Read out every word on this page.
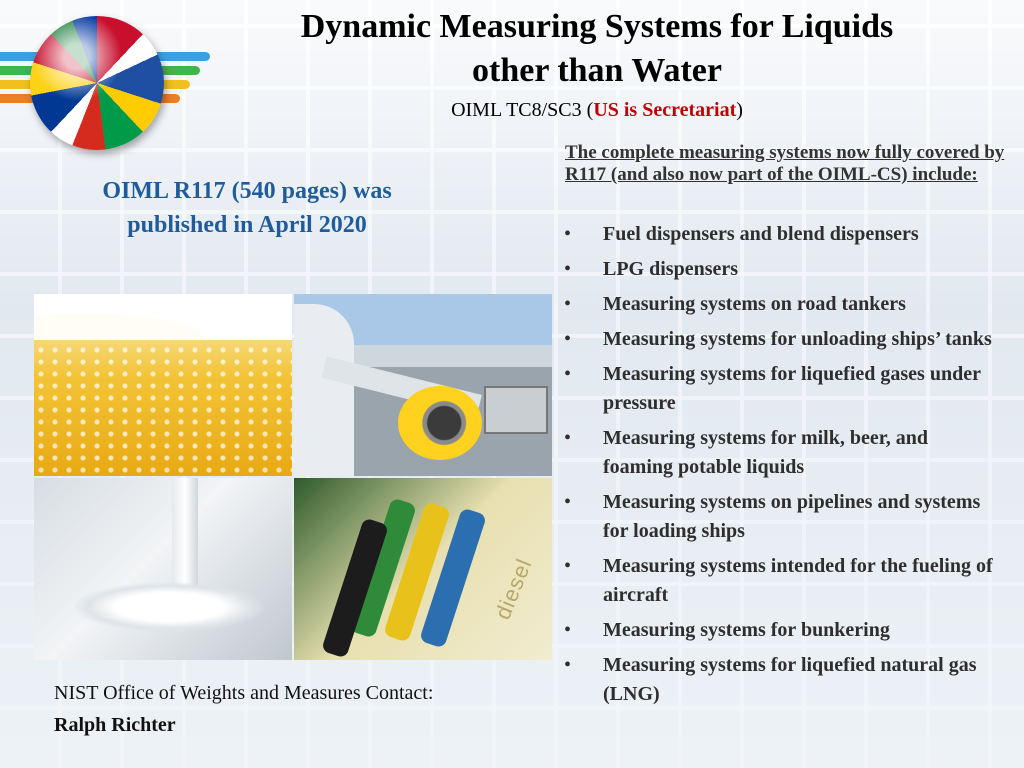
Dynamic Measuring Systems for Liquids
other than Water
OIML TC8/SC3 (US is Secretariat)
OIML R117 (540 pages) was
published in April 2020
The complete measuring systems now fully covered by R117 (and also now part of the OIML-CS) include:
• Fuel dispensers and blend dispensers
• LPG dispensers
• Measuring systems on road tankers
• Measuring systems for unloading ships’ tanks
• Measuring systems for liquefied gases under pressure
• Measuring systems for milk, beer, and foaming potable liquids
• Measuring systems on pipelines and systems for loading ships
• Measuring systems intended for the fueling of aircraft
• Measuring systems for bunkering
• Measuring systems for liquefied natural gas (LNG)
diesel
NIST Office of Weights and Measures Contact:
Ralph Richter
